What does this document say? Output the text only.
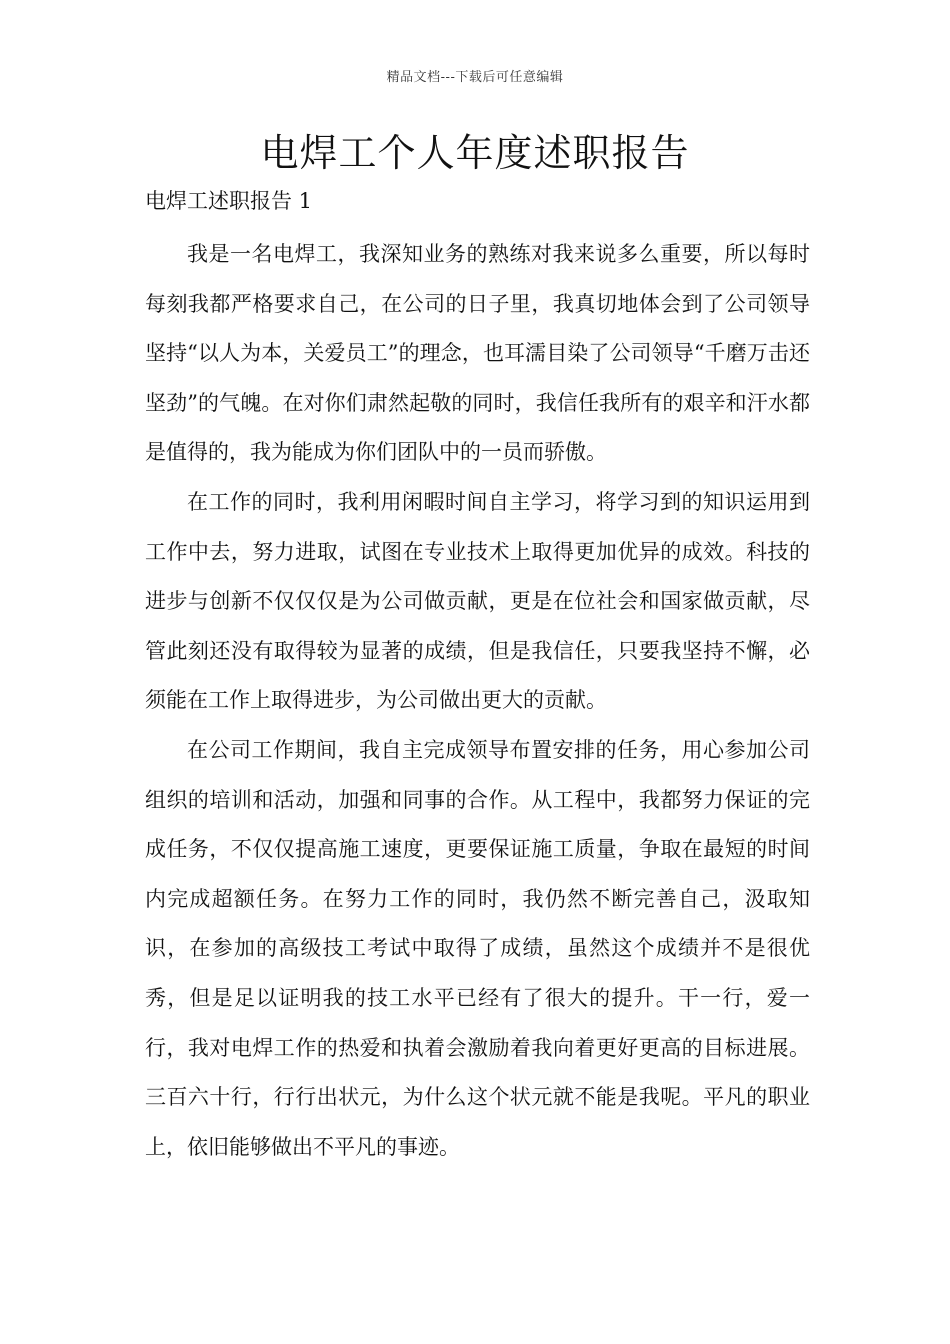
精品文档---下载后可任意编辑
电焊工个人年度述职报告
电焊工述职报告 1

我是一名电焊工，我深知业务的熟练对我来说多么重要，所以每时每刻我都严格要求自己，在公司的日子里，我真切地体会到了公司领导坚持“以人为本，关爱员工”的理念，也耳濡目染了公司领导“千磨万击还坚劲”的气魄。在对你们肃然起敬的同时，我信任我所有的艰辛和汗水都是值得的，我为能成为你们团队中的一员而骄傲。

在工作的同时，我利用闲暇时间自主学习，将学习到的知识运用到工作中去，努力进取，试图在专业技术上取得更加优异的成效。科技的进步与创新不仅仅仅是为公司做贡献，更是在位社会和国家做贡献，尽管此刻还没有取得较为显著的成绩，但是我信任，只要我坚持不懈，必须能在工作上取得进步，为公司做出更大的贡献。

在公司工作期间，我自主完成领导布置安排的任务，用心参加公司组织的培训和活动，加强和同事的合作。从工程中，我都努力保证的完成任务，不仅仅提高施工速度，更要保证施工质量，争取在最短的时间内完成超额任务。在努力工作的同时，我仍然不断完善自己，汲取知识，在参加的高级技工考试中取得了成绩，虽然这个成绩并不是很优秀，但是足以证明我的技工水平已经有了很大的提升。干一行，爱一行，我对电焊工作的热爱和执着会激励着我向着更好更高的目标进展。三百六十行，行行出状元，为什么这个状元就不能是我呢。平凡的职业上，依旧能够做出不平凡的事迹。
